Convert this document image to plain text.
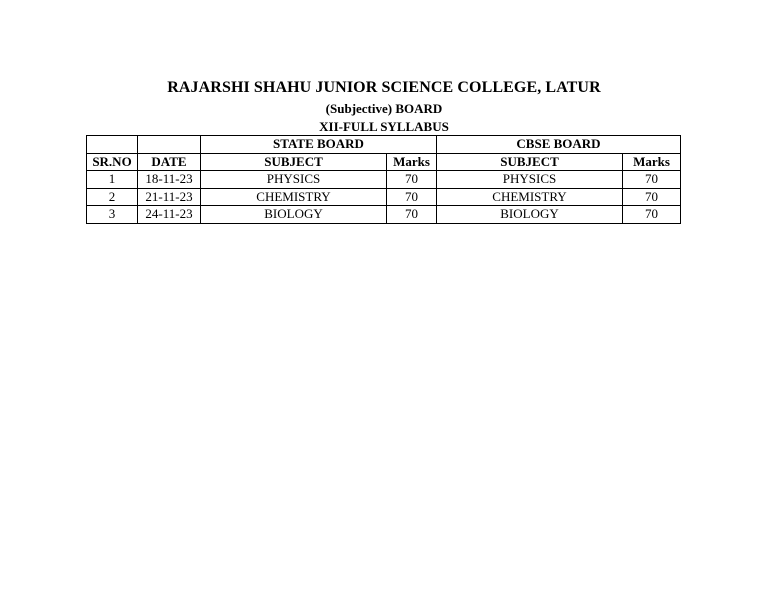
RAJARSHI SHAHU JUNIOR SCIENCE COLLEGE, LATUR
(Subjective) BOARD
XII-FULL SYLLABUS
		STATE BOARD		CBSE BOARD	
SR.NO	DATE	SUBJECT	Marks	SUBJECT	Marks
1	18-11-23	PHYSICS	70	PHYSICS	70
2	21-11-23	CHEMISTRY	70	CHEMISTRY	70
3	24-11-23	BIOLOGY	70	BIOLOGY	70
